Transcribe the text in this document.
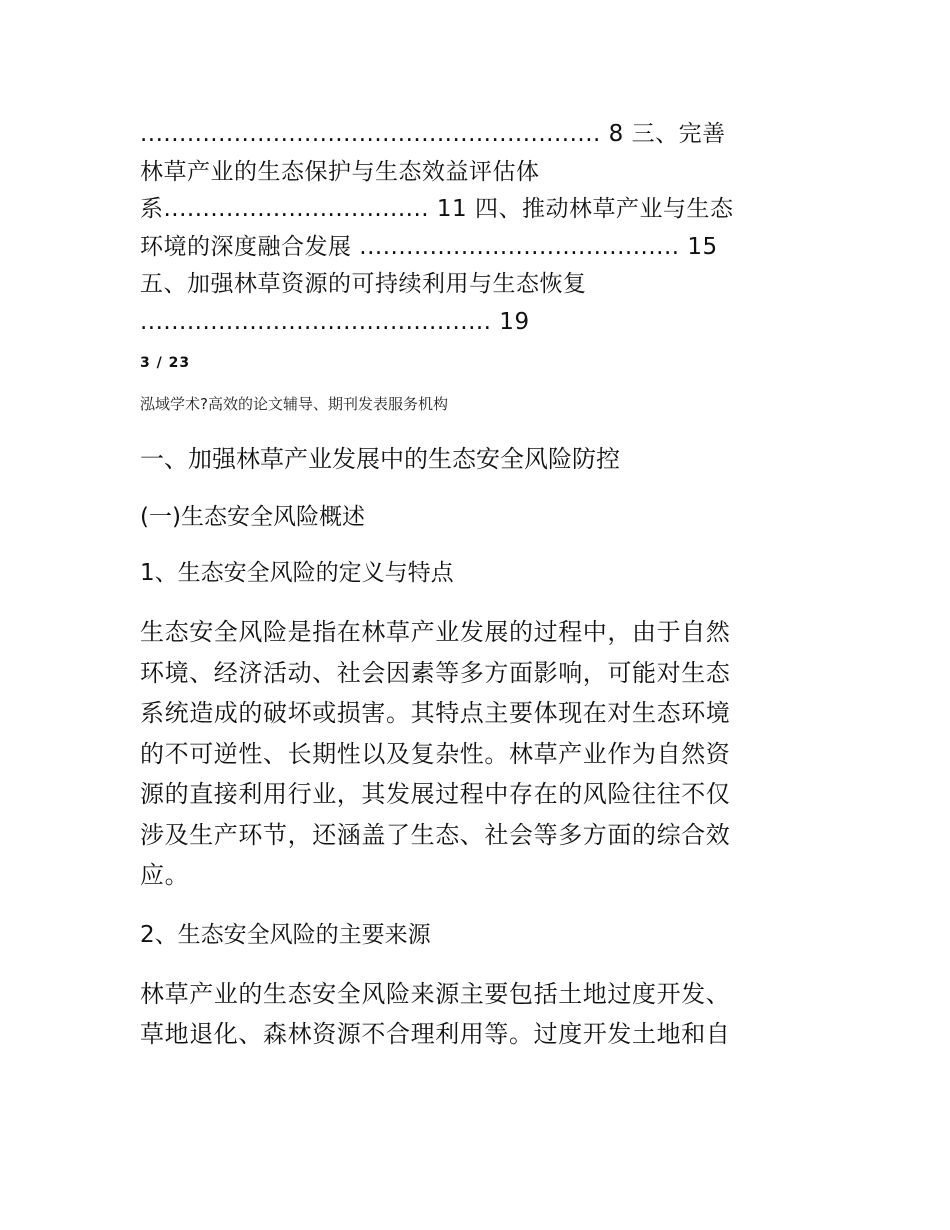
........................................................... 8 三、完善
林草产业的生态保护与生态效益评估体
系.................................. 11 四、推动林草产业与生态
环境的深度融合发展 ......................................... 15
五、加强林草资源的可持续利用与生态恢复
............................................. 19
3 / 23
泓域学术?高效的论文辅导、期刊发表服务机构
一、加强林草产业发展中的生态安全风险防控
(一)生态安全风险概述
1、生态安全风险的定义与特点
生态安全风险是指在林草产业发展的过程中，由于自然
环境、经济活动、社会因素等多方面影响，可能对生态
系统造成的破坏或损害。其特点主要体现在对生态环境
的不可逆性、长期性以及复杂性。林草产业作为自然资
源的直接利用行业，其发展过程中存在的风险往往不仅
涉及生产环节，还涵盖了生态、社会等多方面的综合效
应。
2、生态安全风险的主要来源
林草产业的生态安全风险来源主要包括土地过度开发、
草地退化、森林资源不合理利用等。过度开发土地和自
